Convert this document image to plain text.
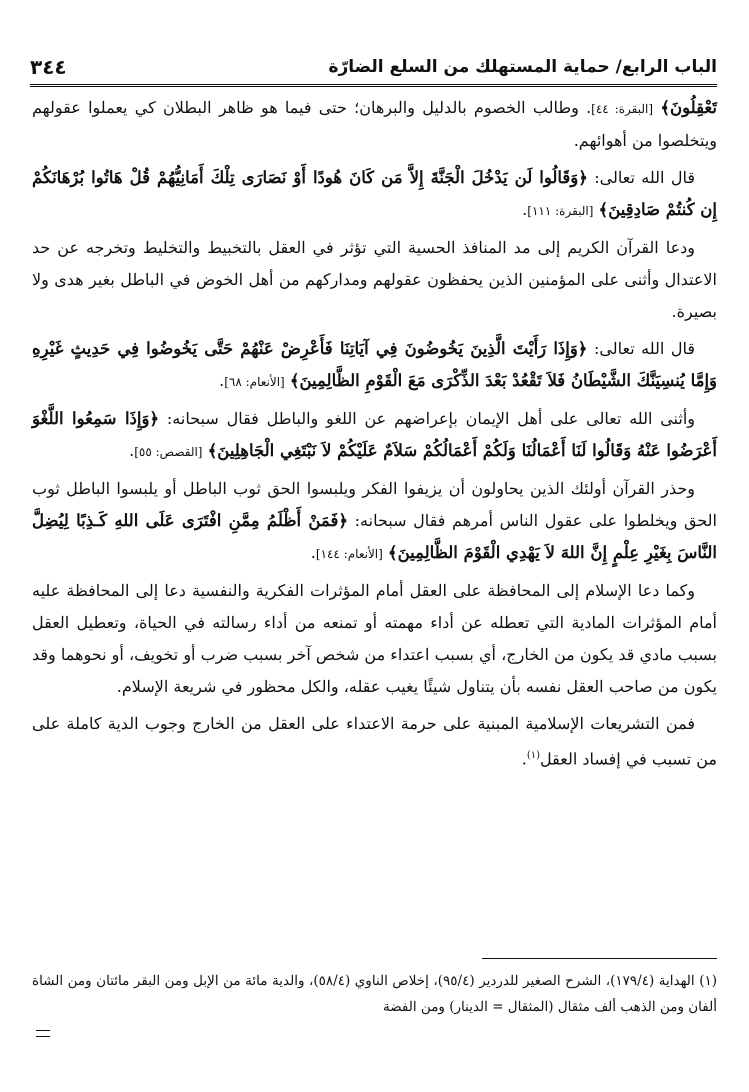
الباب الرابع/ حماية المستهلك من السلع الضارّة
٣٤٤

تَعْقِلُونَ﴾ [البقرة: ٤٤]. وطالب الخصوم بالدليل والبرهان؛ حتى فيما هو ظاهر البطلان كي يعملوا عقولهم ويتخلصوا من أهوائهم.

قال الله تعالى: ﴿وَقَالُوا لَن يَدْخُلَ الْجَنَّةَ إِلاَّ مَن كَانَ هُودًا أَوْ نَصَارَى تِلْكَ أَمَانِيُّهُمْ قُلْ هَاتُوا بُرْهَانَكُمْ إِن كُنتُمْ صَادِقِينَ﴾ [البقرة: ١١١].

ودعا القرآن الكريم إلى مد المنافذ الحسية التي تؤثر في العقل بالتخبيط والتخليط وتخرجه عن حد الاعتدال وأثنى على المؤمنين الذين يحفظون عقولهم ومداركهم من أهل الخوض في الباطل بغير هدى ولا بصيرة.

قال الله تعالى: ﴿وَإِذَا رَأَيْتَ الَّذِينَ يَخُوضُونَ فِي آيَاتِنَا فَأَعْرِضْ عَنْهُمْ حَتَّى يَخُوضُوا فِي حَدِيثٍ غَيْرِهِ وَإِمَّا يُنسِيَنَّكَ الشَّيْطَانُ فَلاَ تَقْعُدْ بَعْدَ الذِّكْرَى مَعَ الْقَوْمِ الظَّالِمِينَ﴾ [الأنعام: ٦٨].

وأثنى الله تعالى على أهل الإيمان بإعراضهم عن اللغو والباطل فقال سبحانه: ﴿وَإِذَا سَمِعُوا اللَّغْوَ أَعْرَضُوا عَنْهُ وَقَالُوا لَنَا أَعْمَالُنَا وَلَكُمْ أَعْمَالُكُمْ سَلاَمٌ عَلَيْكُمْ لاَ نَبْتَغِي الْجَاهِلِينَ﴾ [القصص: ٥٥].

وحذر القرآن أولئك الذين يحاولون أن يزيفوا الفكر ويلبسوا الحق ثوب الباطل أو يلبسوا الباطل ثوب الحق ويخلطوا على عقول الناس أمرهم فقال سبحانه: ﴿فَمَنْ أَظْلَمُ مِمَّنِ افْتَرَى عَلَى اللهِ كَـذِبًا لِيُضِلَّ النَّاسَ بِغَيْرِ عِلْمٍ إِنَّ اللهَ لاَ يَهْدِي الْقَوْمَ الظَّالِمِينَ﴾ [الأنعام: ١٤٤].

وكما دعا الإسلام إلى المحافظة على العقل أمام المؤثرات الفكرية والنفسية دعا إلى المحافظة عليه أمام المؤثرات المادية التي تعطله عن أداء مهمته أو تمنعه من أداء رسالته في الحياة، وتعطيل العقل بسبب مادي قد يكون من الخارج، أي بسبب اعتداء من شخص آخر بسبب ضرب أو تخويف، أو نحوهما وقد يكون من صاحب العقل نفسه بأن يتناول شيئًا يغيب عقله، والكل محظور في شريعة الإسلام.

فمن التشريعات الإسلامية المبنية على حرمة الاعتداء على العقل من الخارج وجوب الدية كاملة على من تسبب في إفساد العقل$^{(١)}$.

(١) الهداية (١٧٩/٤)، الشرح الصغير للدردير (٩٥/٤)، إخلاص الناوي (٥٨/٤)، والدية مائة من الإبل ومن البقر مائتان ومن الشاة ألفان ومن الذهب ألف مثقال (المثقال = الدينار) ومن الفضة
